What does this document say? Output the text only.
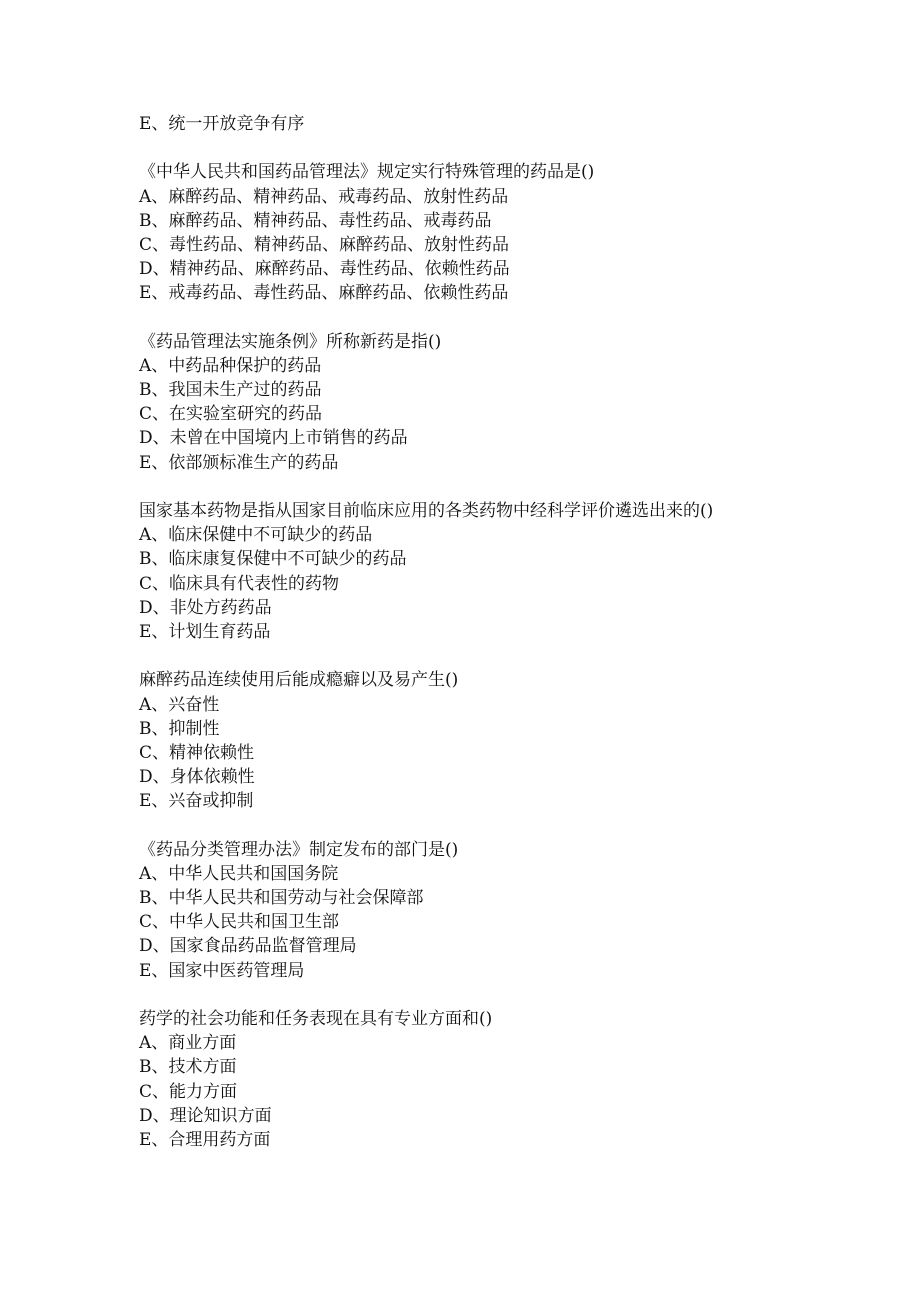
E、统一开放竞争有序
《中华人民共和国药品管理法》规定实行特殊管理的药品是()
A、麻醉药品、精神药品、戒毒药品、放射性药品
B、麻醉药品、精神药品、毒性药品、戒毒药品
C、毒性药品、精神药品、麻醉药品、放射性药品
D、精神药品、麻醉药品、毒性药品、依赖性药品
E、戒毒药品、毒性药品、麻醉药品、依赖性药品
《药品管理法实施条例》所称新药是指()
A、中药品种保护的药品
B、我国未生产过的药品
C、在实验室研究的药品
D、未曾在中国境内上市销售的药品
E、依部颁标准生产的药品
国家基本药物是指从国家目前临床应用的各类药物中经科学评价遴选出来的()
A、临床保健中不可缺少的药品
B、临床康复保健中不可缺少的药品
C、临床具有代表性的药物
D、非处方药药品
E、计划生育药品
麻醉药品连续使用后能成瘾癖以及易产生()
A、兴奋性
B、抑制性
C、精神依赖性
D、身体依赖性
E、兴奋或抑制
《药品分类管理办法》制定发布的部门是()
A、中华人民共和国国务院
B、中华人民共和国劳动与社会保障部
C、中华人民共和国卫生部
D、国家食品药品监督管理局
E、国家中医药管理局
药学的社会功能和任务表现在具有专业方面和()
A、商业方面
B、技术方面
C、能力方面
D、理论知识方面
E、合理用药方面
